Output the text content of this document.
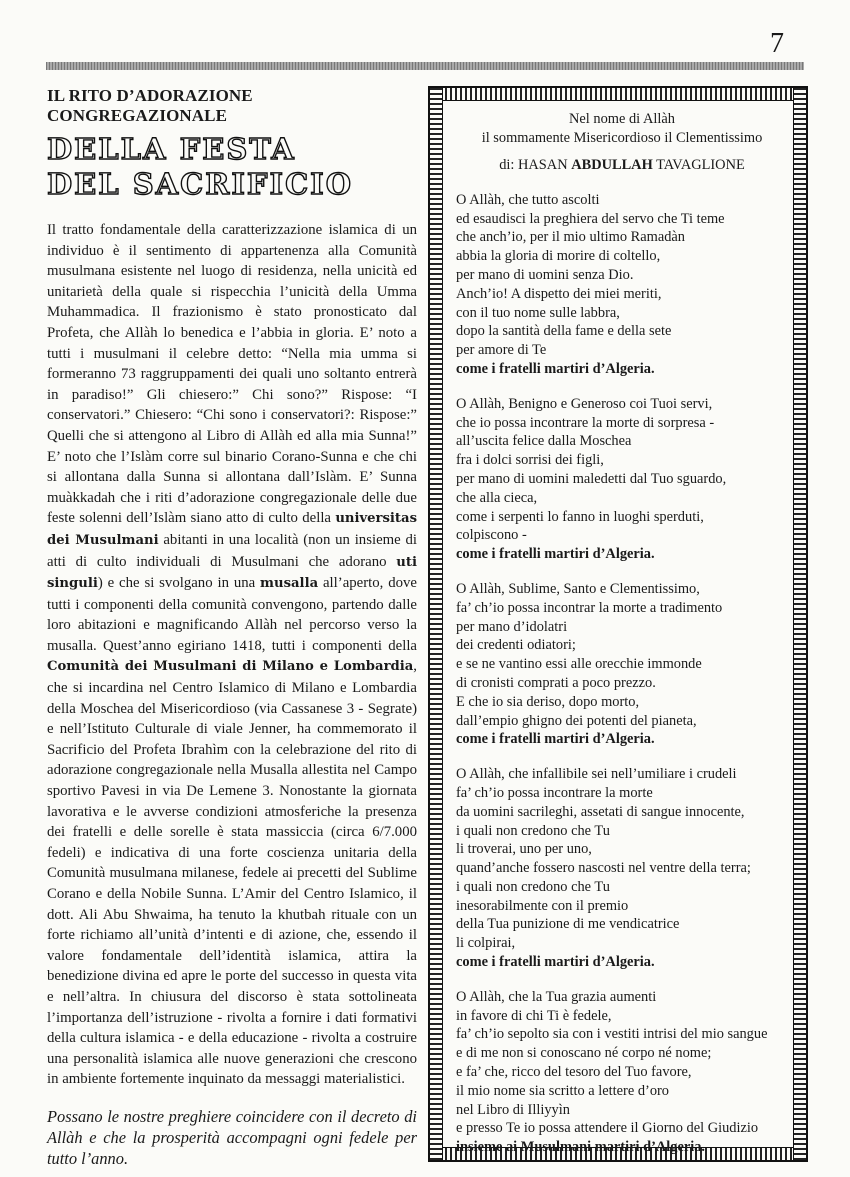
7
IL RITO D’ADORAZIONE CONGREGAZIONALE
DELLA FESTA
DEL SACRIFICIO

Il tratto fondamentale della caratterizzazione islamica di un individuo è il sentimento di appartenenza alla Comunità musulmana esistente nel luogo di residenza, nella unicità ed unitarietà della quale si rispecchia l’unicità della Umma Muhammadica. Il frazionismo è stato pronosticato dal Profeta, che Allàh lo benedica e l’abbia in gloria. E’ noto a tutti i musulmani il celebre detto: “Nella mia umma si formeranno 73 raggruppamenti dei quali uno soltanto entrerà in paradiso!” Gli chiesero:” Chi sono?” Rispose: “I conservatori.” Chiesero: “Chi sono i conservatori?: Rispose:” Quelli che si attengono al Libro di Allàh ed alla mia Sunna!” E’ noto che l’Islàm corre sul binario Corano-Sunna e che chi si allontana dalla Sunna si allontana dall’Islàm. E’ Sunna muàkkadah che i riti d’adorazione congregazionale delle due feste solenni dell’Islàm siano atto di culto della universitas dei Musulmani abitanti in una località (non un insieme di atti di culto individuali di Musulmani che adorano uti singuli) e che si svolgano in una musalla all’aperto, dove tutti i componenti della comunità convengono, partendo dalle loro abitazioni e magnificando Allàh nel percorso verso la musalla. Quest’anno egiriano 1418, tutti i componenti della Comunità dei Musulmani di Milano e Lombardia, che si incardina nel Centro Islamico di Milano e Lombardia della Moschea del Misericordioso (via Cassanese 3 - Segrate) e nell’Istituto Culturale di viale Jenner, ha commemorato il Sacrificio del Profeta Ibrahìm con la celebrazione del rito di adorazione congregazionale nella Musalla allestita nel Campo sportivo Pavesi in via De Lemene 3. Nonostante la giornata lavorativa e le avverse condizioni atmosferiche la presenza dei fratelli e delle sorelle è stata massiccia (circa 6/7.000 fedeli) e indicativa di una forte coscienza unitaria della Comunità musulmana milanese, fedele ai precetti del Sublime Corano e della Nobile Sunna. L’Amir del Centro Islamico, il dott. Ali Abu Shwaima, ha tenuto la khutbah rituale con un forte richiamo all’unità d’intenti e di azione, che, essendo il valore fondamentale dell’identità islamica, attira la benedizione divina ed apre le porte del successo in questa vita e nell’altra. In chiusura del discorso è stata sottolineata l’importanza dell’istruzione - rivolta a fornire i dati formativi della cultura islamica - e della educazione - rivolta a costruire una personalità islamica alle nuove generazioni che crescono in ambiente fortemente inquinato da messaggi materialistici.

Possano le nostre preghiere coincidere con il decreto di Allàh e che la prosperità accompagni ogni fedele per tutto l’anno.
Nel nome di Allàh
il sommamente Misericordioso il Clementissimo
di: HASAN ABDULLAH TAVAGLIONE
O Allàh, che tutto ascolti
ed esaudisci la preghiera del servo che Ti teme
che anch’io, per il mio ultimo Ramadàn
abbia la gloria di morire di coltello,
per mano di uomini senza Dio.
Anch’io! A dispetto dei miei meriti,
con il tuo nome sulle labbra,
dopo la santità della fame e della sete
per amore di Te
come i fratelli martiri d’Algeria.
O Allàh, Benigno e Generoso coi Tuoi servi,
che io possa incontrare la morte di sorpresa -
all’uscita felice dalla Moschea
fra i dolci sorrisi dei figli,
per mano di uomini maledetti dal Tuo sguardo,
che alla cieca,
come i serpenti lo fanno in luoghi sperduti,
colpiscono -
come i fratelli martiri d’Algeria.
O Allàh, Sublime, Santo e Clementissimo,
fa’ ch’io possa incontrar la morte a tradimento
per mano d’idolatri
dei credenti odiatori;
e se ne vantino essi alle orecchie immonde
di cronisti comprati a poco prezzo.
E che io sia deriso, dopo morto,
dall’empio ghigno dei potenti del pianeta,
come i fratelli martiri d’Algeria.
O Allàh, che infallibile sei nell’umiliare i crudeli
fa’ ch’io possa incontrare la morte
da uomini sacrileghi, assetati di sangue innocente,
i quali non credono che Tu
li troverai, uno per uno,
quand’anche fossero nascosti nel ventre della terra;
i quali non credono che Tu
inesorabilmente con il premio
della Tua punizione di me vendicatrice
li colpirai,
come i fratelli martiri d’Algeria.
O Allàh, che la Tua grazia aumenti
in favore di chi Ti è fedele,
fa’ ch’io sepolto sia con i vestiti intrisi del mio sangue
e di me non si conoscano né corpo né nome;
e fa’ che, ricco del tesoro del Tuo favore,
il mio nome sia scritto a lettere d’oro
nel Libro di Illiyyìn
e presso Te io possa attendere il Giorno del Giudizio
insieme ai Musulmani martiri d’Algeria.
